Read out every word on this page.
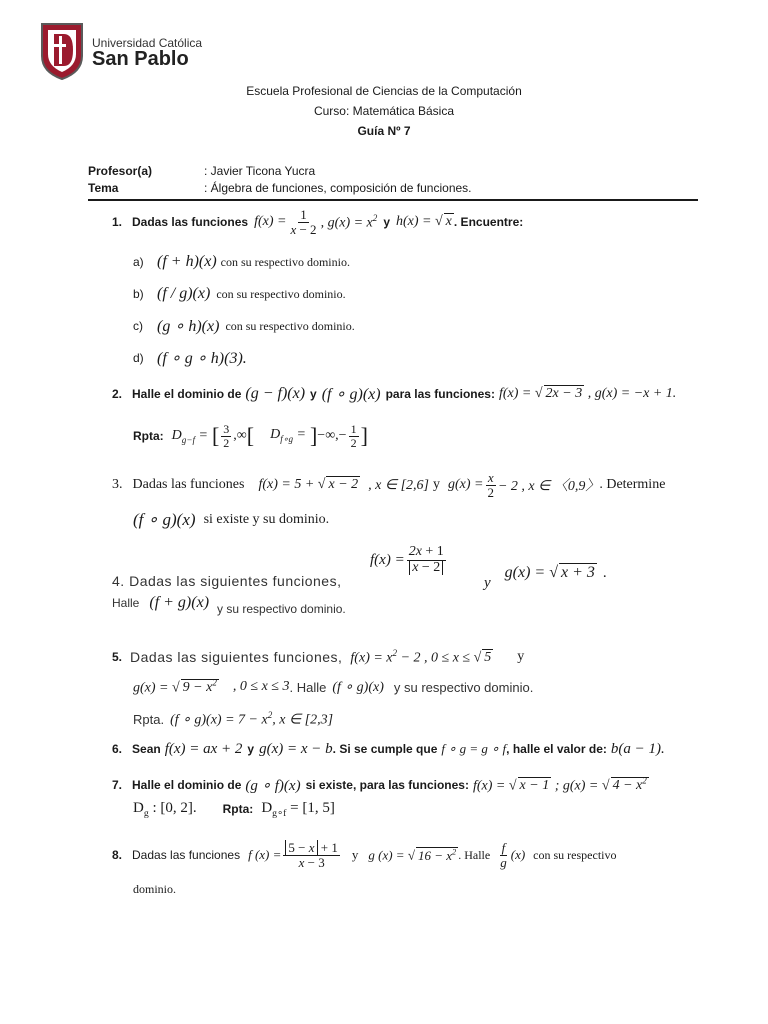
Universidad Católica
San Pablo
Escuela Profesional de Ciencias de la Computación
Curso: Matemática Básica
Guía Nº 7
Profesor(a)	: Javier Ticona Yucra
Tema	: Álgebra de funciones, composición de funciones.
1. Dadas las funciones $f(x) = \frac{1}{x - 2}$ , $g(x) = x^2$ y h(x) = √ x . Encuentre:
a) (f + h)(x) con su respectivo dominio.
b) (f / g)(x) con su respectivo dominio.
c) (g ∘ h)(x) con su respectivo dominio.
d) (f ∘ g ∘ h)(3).
2. Halle el dominio de (g − f)(x) y (f ∘ g)(x) para las funciones: f(x) = √ 2x − 3 , g(x) = −x + 1.
Rpta: $D_{g-f}$ = [ $\frac{3}{2}$ ,∞ [ $D_{f\circ g}$ = ] −∞,− $\frac{1}{2}$ ]
3. Dadas las funciones f(x) = 5 + √ x − 2 , x ∈ [2,6] y $g(x) = \frac{x}{2} - 2$ , x ∈ 〈0,9〉 . Determine
(f ∘ g)(x) si existe y su dominio.
$f(x) = \frac{2x + 1}{x - 2}$
4. Dadas las siguientes funciones,	y
g(x) = √ x + 3 .
Halle (f + g)(x) y su respectivo dominio.
5. Dadas las siguientes funciones, $f(x) = x^2 - 2$ , 0 ≤ x ≤ √ 5 y
g(x) = √ $9 - x^2$ , 0 ≤ x ≤ 3 . Halle (f ∘ g)(x) y su respectivo dominio.
Rpta. (f ∘ $g)(x) = 7 - x^2$, x ∈ [2,3]
6. Sean f(x) = ax + 2 y g(x) = x − b . Si se cumple que f ∘ g = g ∘ f , halle el valor de: b(a − 1).
7. Halle el dominio de (g ∘ f)(x) si existe, para las funciones: f(x) = √ x − 1 ; g(x) = √ $4 - x^2$
$D_g$ : [0, 2]. Rpta: $D_{g\circ f} = [1$, 5]
8. Dadas las funciones f $(x) = \frac{5 - x + 1}{x - 3}$ y g (x) = √ $16 - x^2$ . Halle $\frac{f}{g} (x)$ con su respectivo
dominio.
